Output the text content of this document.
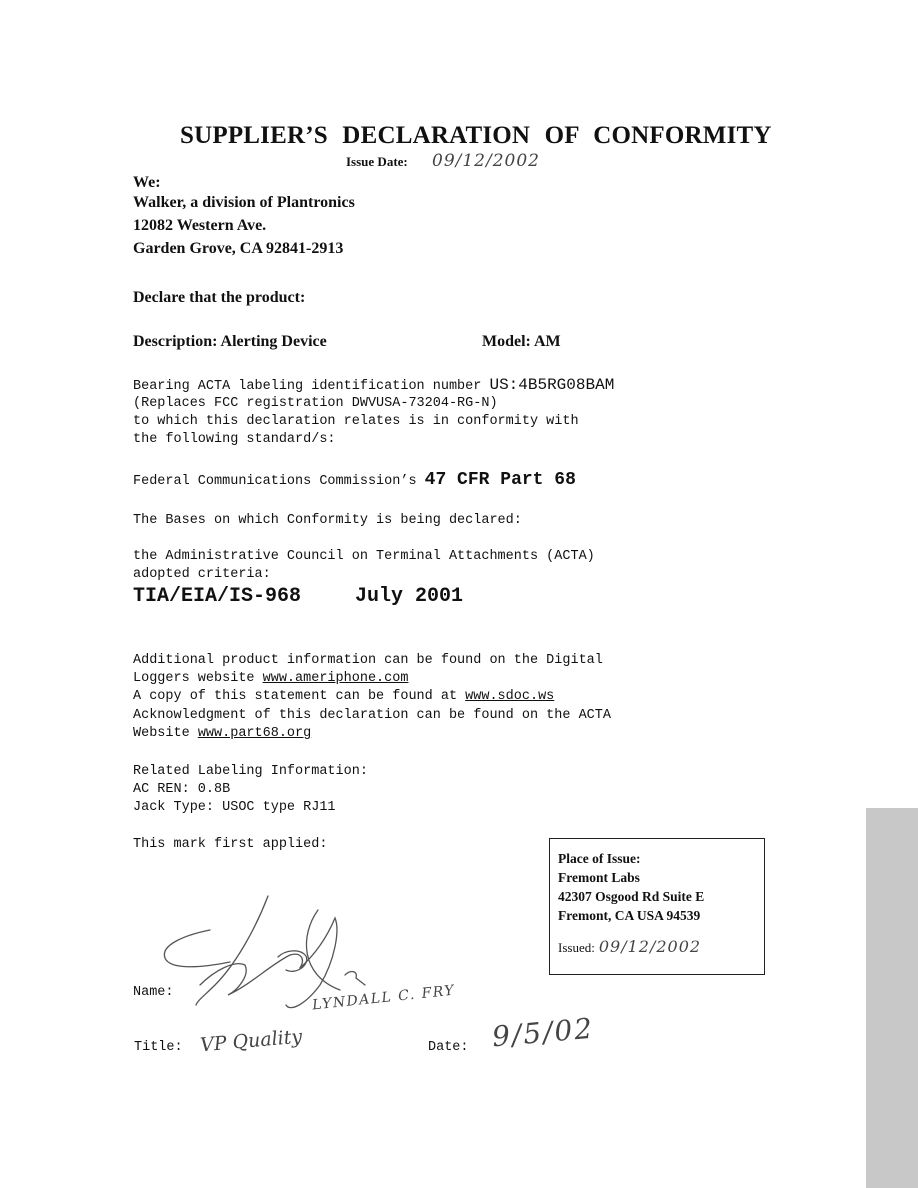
SUPPLIER’S DECLARATION OF CONFORMITY
Issue Date: 09/12/2002
We:
Walker, a division of Plantronics
12082 Western Ave.
Garden Grove, CA 92841-2913
Declare that the product:
Description: Alerting Device	Model: AM
Bearing ACTA labeling identification number US:4B5RG08BAM
(Replaces FCC registration DWVUSA-73204-RG-N)
to which this declaration relates is in conformity with
the following standard/s:
Federal Communications Commission’s 47 CFR Part 68
The Bases on which Conformity is being declared:
the Administrative Council on Terminal Attachments (ACTA)
adopted criteria:
TIA/EIA/IS-968	July 2001
Additional product information can be found on the Digital
Loggers website www.ameriphone.com
A copy of this statement can be found at www.sdoc.ws
Acknowledgment of this declaration can be found on the ACTA
Website www.part68.org
Related Labeling Information:
AC REN: 0.8B
Jack Type: USOC type RJ11
This mark first applied:
Place of Issue:
Fremont Labs
42307 Osgood Rd Suite E
Fremont, CA USA 94539
Issued: 09/12/2002
LYNDALL C. FRY
Name:
Title: VP Quality	Date: 9/5/02
